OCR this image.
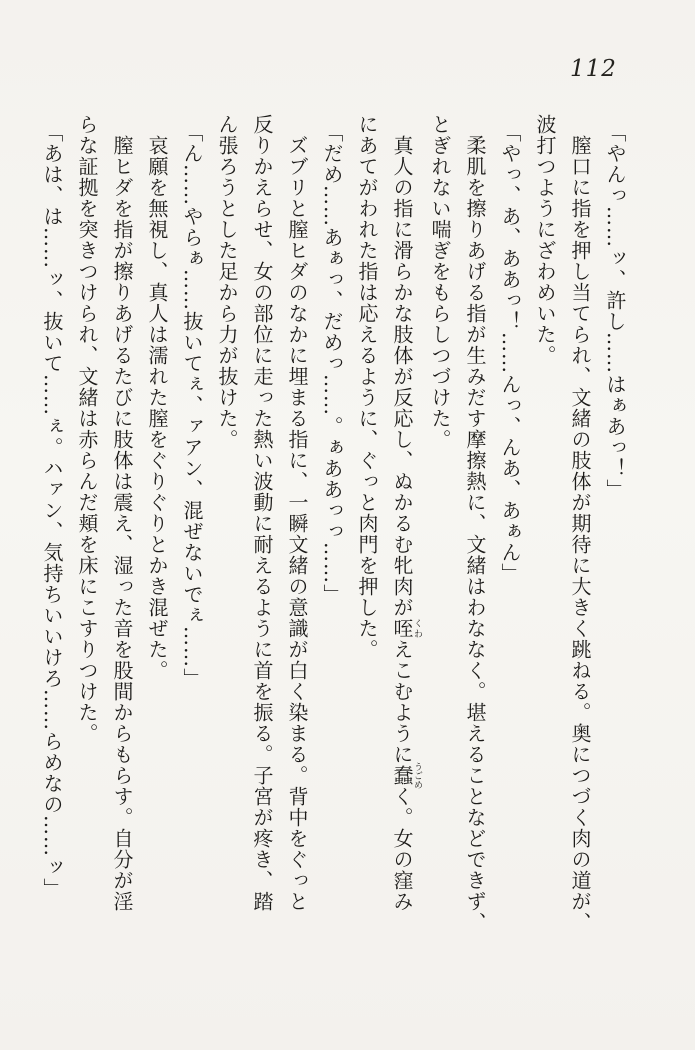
112
「やんっ……ッ、許し……はぁあっ！」
　膣口に指を押し当てられ、文緒の肢体が期待に大きく跳ねる。奥につづく肉の道が、
波打つようにざわめいた。
「やっ、あ、ああっ！……んっ、んあ、あぁん」
　柔肌を擦りあげる指が生みだす摩擦熱に、文緒はわななく。堪えることなどできず、
とぎれない喘ぎをもらしつづけた。
　真人の指に滑らかな肢体が反応し、ぬかるむ牝肉が咥くわえこむように蠢うごめく。女の窪み
にあてがわれた指は応えるように、ぐっと肉門を押した。
「だめ……あぁっ、だめっ……。ぁああっっ……」
　ズブリと膣ヒダのなかに埋まる指に、一瞬文緒の意識が白く染まる。背中をぐっと
反りかえらせ、女の部位に走った熱い波動に耐えるように首を振る。子宮が疼き、踏
ん張ろうとした足から力が抜けた。
「ん……やらぁ……抜いてぇ、ァアン、混ぜないでぇ……」
　哀願を無視し、真人は濡れた膣をぐりぐりとかき混ぜた。
　膣ヒダを指が擦りあげるたびに肢体は震え、湿った音を股間からもらす。自分が淫
らな証拠を突きつけられ、文緒は赤らんだ頬を床にこすりつけた。
「あは、は……ッ、抜いて……ぇ。ハァン、気持ちいいけろ……らめなの……ッ」
